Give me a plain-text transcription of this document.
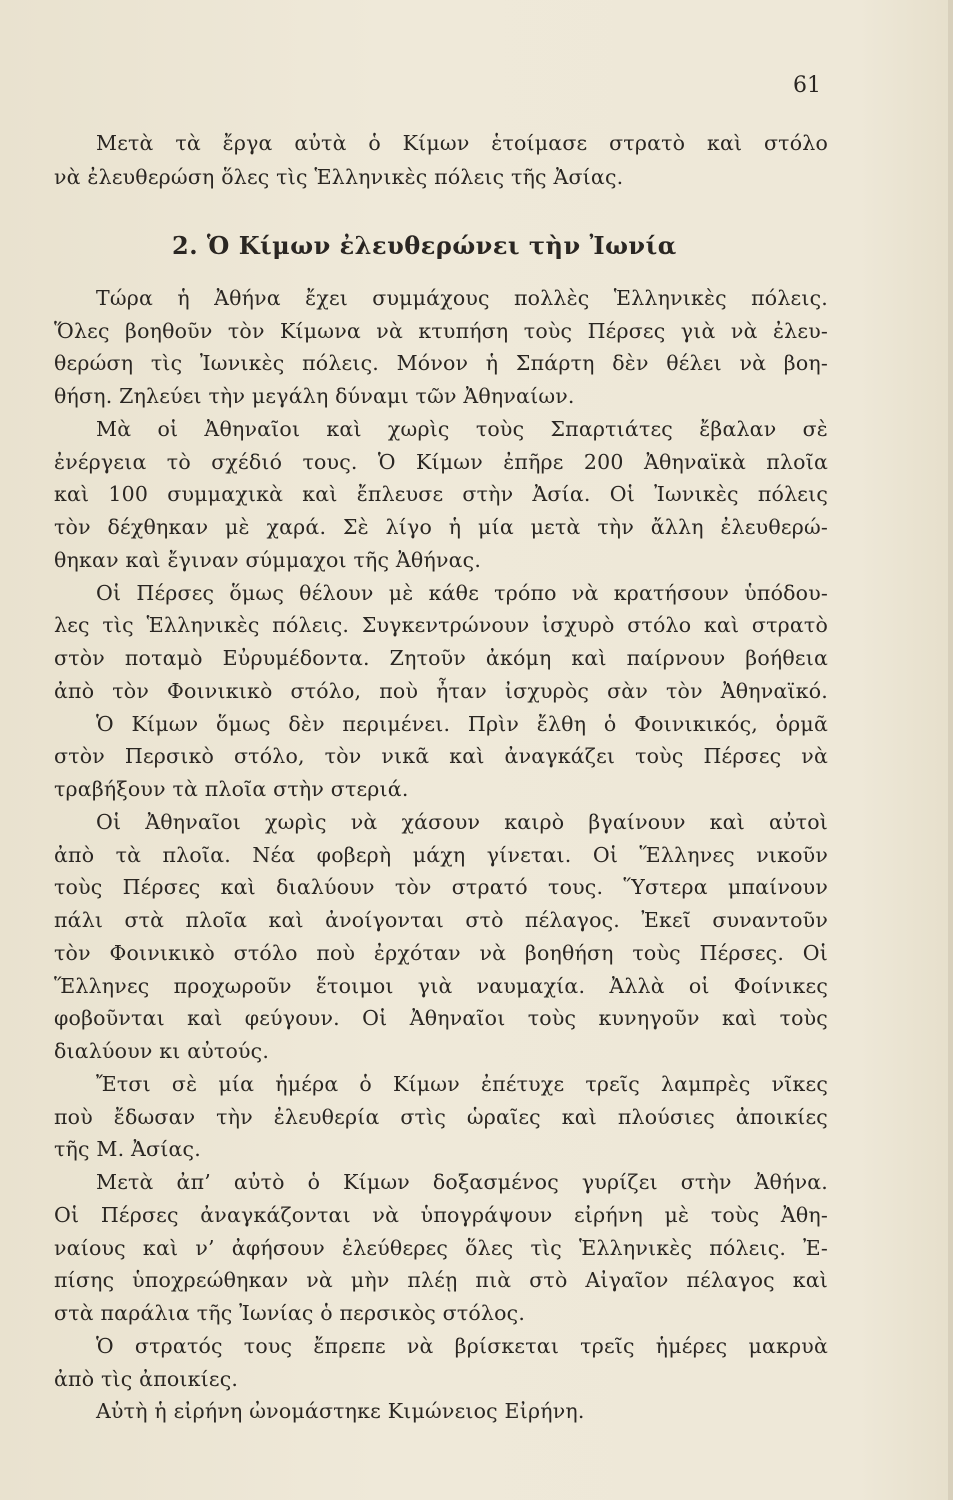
61
Μετὰ τὰ ἔργα αὐτὰ ὁ Κίμων ἑτοίμασε στρατὸ καὶ στόλο
νὰ ἐλευθερώση ὅλες τὶς Ἑλληνικὲς πόλεις τῆς Ἀσίας.
2. Ὁ Κίμων ἐλευθερώνει τὴν Ἰωνία
Τώρα ἡ Ἀθήνα ἔχει συμμάχους πολλὲς Ἑλληνικὲς πόλεις.
Ὅλες βοηθοῦν τὸν Κίμωνα νὰ κτυπήση τοὺς Πέρσες γιὰ νὰ ἐλευ-
θερώση τὶς Ἰωνικὲς πόλεις. Μόνον ἡ Σπάρτη δὲν θέλει νὰ βοη-
θήση. Ζηλεύει τὴν μεγάλη δύναμι τῶν Ἀθηναίων.
Μὰ οἱ Ἀθηναῖοι καὶ χωρὶς τοὺς Σπαρτιάτες ἔβαλαν σὲ
ἐνέργεια τὸ σχέδιό τους. Ὁ Κίμων ἐπῆρε 200 Ἀθηναϊκὰ πλοῖα
καὶ 100 συμμαχικὰ καὶ ἔπλευσε στὴν Ἀσία. Οἱ Ἰωνικὲς πόλεις
τὸν δέχθηκαν μὲ χαρά. Σὲ λίγο ἡ μία μετὰ τὴν ἄλλη ἐλευθερώ-
θηκαν καὶ ἔγιναν σύμμαχοι τῆς Ἀθήνας.
Οἱ Πέρσες ὅμως θέλουν μὲ κάθε τρόπο νὰ κρατήσουν ὑπόδου-
λες τὶς Ἑλληνικὲς πόλεις. Συγκεντρώνουν ἰσχυρὸ στόλο καὶ στρατὸ
στὸν ποταμὸ Εὐρυμέδοντα. Ζητοῦν ἀκόμη καὶ παίρνουν βοήθεια
ἀπὸ τὸν Φοινικικὸ στόλο, ποὺ ἦταν ἰσχυρὸς σὰν τὸν Ἀθηναϊκό.
Ὁ Κίμων ὅμως δὲν περιμένει. Πρὶν ἔλθη ὁ Φοινικικός, ὁρμᾶ
στὸν Περσικὸ στόλο, τὸν νικᾶ καὶ ἀναγκάζει τοὺς Πέρσες νὰ
τραβήξουν τὰ πλοῖα στὴν στεριά.
Οἱ Ἀθηναῖοι χωρὶς νὰ χάσουν καιρὸ βγαίνουν καὶ αὐτοὶ
ἀπὸ τὰ πλοῖα. Νέα φοβερὴ μάχη γίνεται. Οἱ Ἕλληνες νικοῦν
τοὺς Πέρσες καὶ διαλύουν τὸν στρατό τους. Ὕστερα μπαίνουν
πάλι στὰ πλοῖα καὶ ἀνοίγονται στὸ πέλαγος. Ἐκεῖ συναντοῦν
τὸν Φοινικικὸ στόλο ποὺ ἐρχόταν νὰ βοηθήση τοὺς Πέρσες. Οἱ
Ἕλληνες προχωροῦν ἕτοιμοι γιὰ ναυμαχία. Ἀλλὰ οἱ Φοίνικες
φοβοῦνται καὶ φεύγουν. Οἱ Ἀθηναῖοι τοὺς κυνηγοῦν καὶ τοὺς
διαλύουν κι αὐτούς.
Ἔτσι σὲ μία ἡμέρα ὁ Κίμων ἐπέτυχε τρεῖς λαμπρὲς νῖκες
ποὺ ἔδωσαν τὴν ἐλευθερία στὶς ὡραῖες καὶ πλούσιες ἀποικίες
τῆς Μ. Ἀσίας.
Μετὰ ἀπ’ αὐτὸ ὁ Κίμων δοξασμένος γυρίζει στὴν Ἀθήνα.
Οἱ Πέρσες ἀναγκάζονται νὰ ὑπογράψουν εἰρήνη μὲ τοὺς Ἀθη-
ναίους καὶ ν’ ἀφήσουν ἐλεύθερες ὅλες τὶς Ἑλληνικὲς πόλεις. Ἐ-
πίσης ὑποχρεώθηκαν νὰ μὴν πλέῃ πιὰ στὸ Αἰγαῖον πέλαγος καὶ
στὰ παράλια τῆς Ἰωνίας ὁ περσικὸς στόλος.
Ὁ στρατός τους ἔπρεπε νὰ βρίσκεται τρεῖς ἡμέρες μακρυὰ
ἀπὸ τὶς ἀποικίες.
Αὐτὴ ἡ εἰρήνη ὠνομάστηκε Κιμώνειος Εἰρήνη.
